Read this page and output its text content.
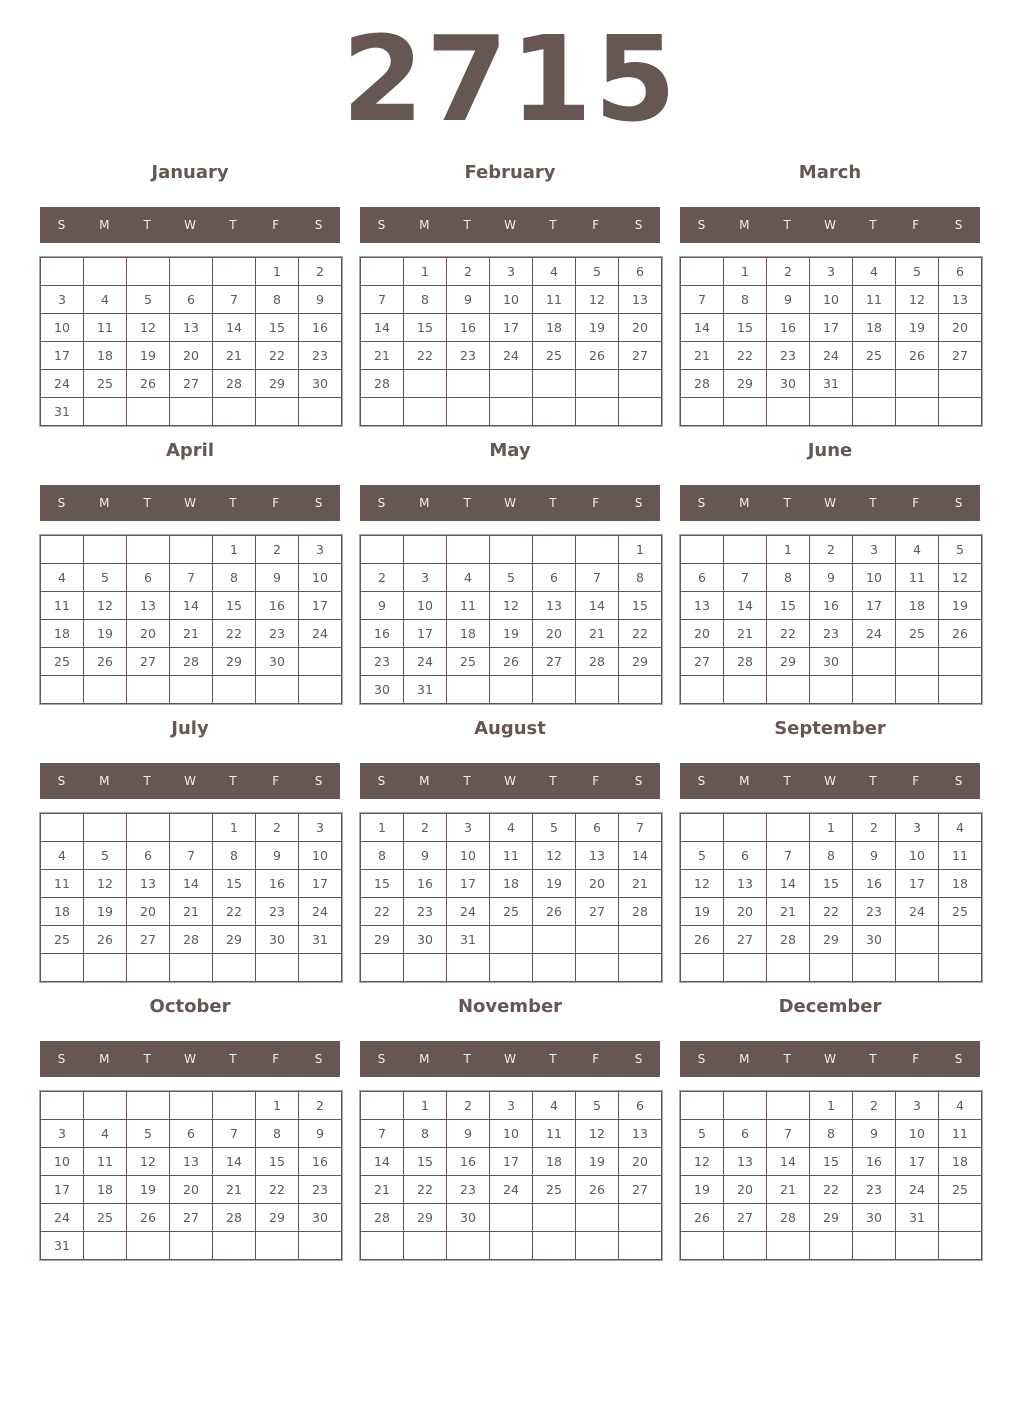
2715
January
S	M	T	W	T	F	S
					1	2
3	4	5	6	7	8	9
10	11	12	13	14	15	16
17	18	19	20	21	22	23
24	25	26	27	28	29	30
31						
February
S	M	T	W	T	F	S
	1	2	3	4	5	6
7	8	9	10	11	12	13
14	15	16	17	18	19	20
21	22	23	24	25	26	27
28						

March
S	M	T	W	T	F	S
	1	2	3	4	5	6
7	8	9	10	11	12	13
14	15	16	17	18	19	20
21	22	23	24	25	26	27
28	29	30	31			

April
S	M	T	W	T	F	S
				1	2	3
4	5	6	7	8	9	10
11	12	13	14	15	16	17
18	19	20	21	22	23	24
25	26	27	28	29	30	

May
S	M	T	W	T	F	S
						1
2	3	4	5	6	7	8
9	10	11	12	13	14	15
16	17	18	19	20	21	22
23	24	25	26	27	28	29
30	31					
June
S	M	T	W	T	F	S
		1	2	3	4	5
6	7	8	9	10	11	12
13	14	15	16	17	18	19
20	21	22	23	24	25	26
27	28	29	30			

July
S	M	T	W	T	F	S
				1	2	3
4	5	6	7	8	9	10
11	12	13	14	15	16	17
18	19	20	21	22	23	24
25	26	27	28	29	30	31

August
S	M	T	W	T	F	S
1	2	3	4	5	6	7
8	9	10	11	12	13	14
15	16	17	18	19	20	21
22	23	24	25	26	27	28
29	30	31				

September
S	M	T	W	T	F	S
			1	2	3	4
5	6	7	8	9	10	11
12	13	14	15	16	17	18
19	20	21	22	23	24	25
26	27	28	29	30		

October
S	M	T	W	T	F	S
					1	2
3	4	5	6	7	8	9
10	11	12	13	14	15	16
17	18	19	20	21	22	23
24	25	26	27	28	29	30
31						
November
S	M	T	W	T	F	S
	1	2	3	4	5	6
7	8	9	10	11	12	13
14	15	16	17	18	19	20
21	22	23	24	25	26	27
28	29	30				

December
S	M	T	W	T	F	S
			1	2	3	4
5	6	7	8	9	10	11
12	13	14	15	16	17	18
19	20	21	22	23	24	25
26	27	28	29	30	31	
